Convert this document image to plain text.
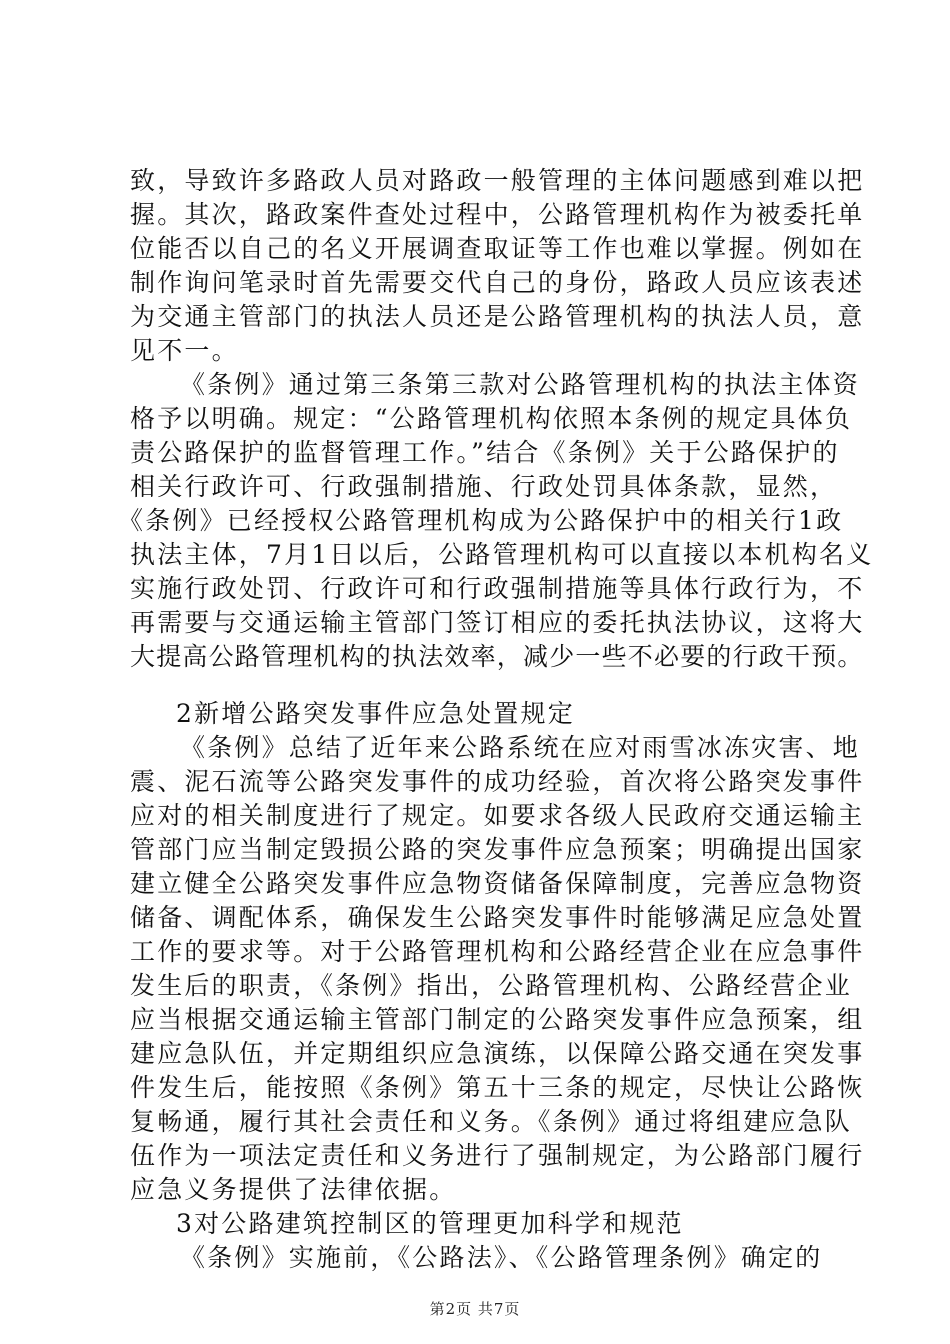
致，导致许多路政人员对路政一般管理的主体问题感到难以把
握。其次，路政案件查处过程中，公路管理机构作为被委托单
位能否以自己的名义开展调查取证等工作也难以掌握。例如在
制作询问笔录时首先需要交代自己的身份，路政人员应该表述
为交通主管部门的执法人员还是公路管理机构的执法人员，意
见不一。
《条例》通过第三条第三款对公路管理机构的执法主体资
格予以明确。规定：“公路管理机构依照本条例的规定具体负
责公路保护的监督管理工作。”结合《条例》关于公路保护的
相关行政许可、行政强制措施、行政处罚具体条款，显然，
《条例》已经授权公路管理机构成为公路保护中的相关行1政
执法主体，7月1日以后，公路管理机构可以直接以本机构名义
实施行政处罚、行政许可和行政强制措施等具体行政行为，不
再需要与交通运输主管部门签订相应的委托执法协议，这将大
大提高公路管理机构的执法效率，减少一些不必要的行政干预。
2新增公路突发事件应急处置规定
《条例》总结了近年来公路系统在应对雨雪冰冻灾害、地
震、泥石流等公路突发事件的成功经验，首次将公路突发事件
应对的相关制度进行了规定。如要求各级人民政府交通运输主
管部门应当制定毁损公路的突发事件应急预案；明确提出国家
建立健全公路突发事件应急物资储备保障制度，完善应急物资
储备、调配体系，确保发生公路突发事件时能够满足应急处置
工作的要求等。对于公路管理机构和公路经营企业在应急事件
发生后的职责，《条例》指出，公路管理机构、公路经营企业
应当根据交通运输主管部门制定的公路突发事件应急预案，组
建应急队伍，并定期组织应急演练，以保障公路交通在突发事
件发生后，能按照《条例》第五十三条的规定，尽快让公路恢
复畅通，履行其社会责任和义务。《条例》通过将组建应急队
伍作为一项法定责任和义务进行了强制规定，为公路部门履行
应急义务提供了法律依据。
3对公路建筑控制区的管理更加科学和规范
《条例》实施前，《公路法》、《公路管理条例》确定的
第2页 共7页
